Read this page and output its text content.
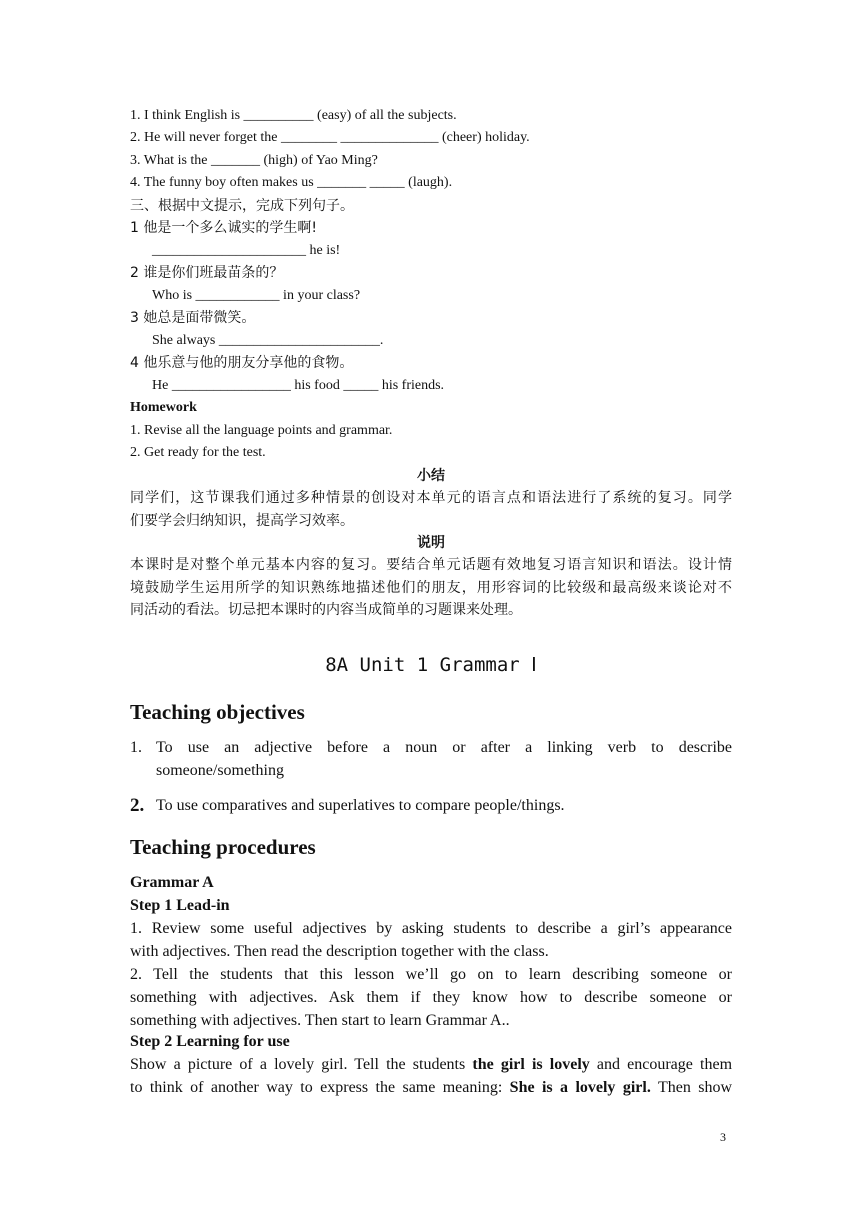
1. I think English is __________ (easy) of all the subjects.
2. He will never forget the ________ ______________ (cheer) holiday.
3. What is the _______ (high) of Yao Ming?
4. The funny boy often makes us _______ _____ (laugh).
三、根据中文提示，完成下列句子。
1 他是一个多么诚实的学生啊!
______________________ he is!
2 谁是你们班最苗条的？
Who is ____________ in your class?
3 她总是面带微笑。
She always _______________________.
4 他乐意与他的朋友分享他的食物。
He _________________ his food _____ his friends.
Homework
1. Revise all the language points and grammar.
2. Get ready for the test.
小结
同学们，这节课我们通过多种情景的创设对本单元的语言点和语法进行了系统的复习。同学
们要学会归纳知识，提高学习效率。
说明
本课时是对整个单元基本内容的复习。要结合单元话题有效地复习语言知识和语法。设计情
境鼓励学生运用所学的知识熟练地描述他们的朋友，用形容词的比较级和最高级来谈论对不
同活动的看法。切忌把本课时的内容当成简单的习题课来处理。
8A Unit 1 Grammar Ⅰ
Teaching objectives
1. To use an adjective before a noun or after a linking verb to describe
someone/something
2. To use comparatives and superlatives to compare people/things.
Teaching procedures
Grammar A
Step 1 Lead-in
1. Review some useful adjectives by asking students to describe a girl’s appearance
with adjectives. Then read the description together with the class.
2. Tell the students that this lesson we’ll go on to learn describing someone or
something with adjectives. Ask them if they know how to describe someone or
something with adjectives. Then start to learn Grammar A..
Step 2 Learning for use
Show a picture of a lovely girl. Tell the students the girl is lovely and encourage them
to think of another way to express the same meaning: She is a lovely girl. Then show
3
